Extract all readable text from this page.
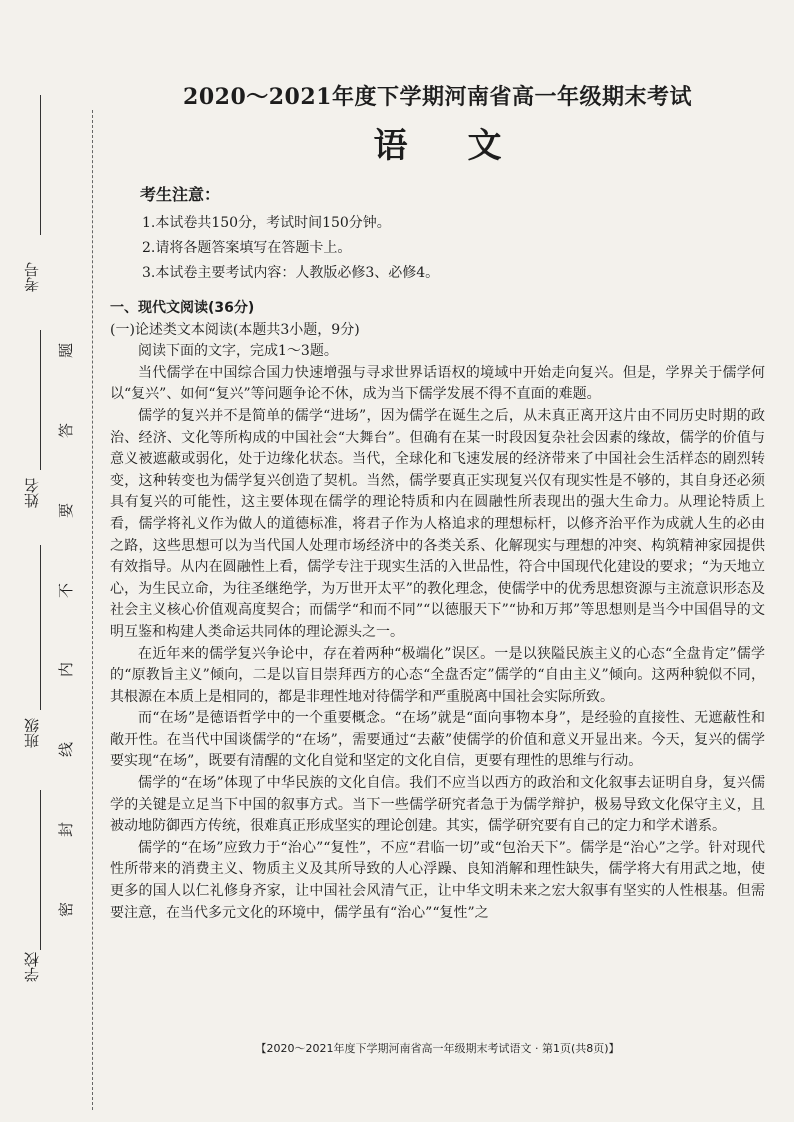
考号
姓名
班级
学校
密
封
线
内
不
要
答
题
2020～2021年度下学期河南省高一年级期末考试
语文
考生注意：
1.本试卷共150分，考试时间150分钟。
2.请将各题答案填写在答题卡上。
3.本试卷主要考试内容：人教版必修3、必修4。
一、现代文阅读(36分)
(一)论述类文本阅读(本题共3小题，9分)
阅读下面的文字，完成1～3题。

当代儒学在中国综合国力快速增强与寻求世界话语权的境域中开始走向复兴。但是，学界关于儒学何以“复兴”、如何“复兴”等问题争论不休，成为当下儒学发展不得不直面的难题。

儒学的复兴并不是简单的儒学“进场”，因为儒学在诞生之后，从未真正离开这片由不同历史时期的政治、经济、文化等所构成的中国社会“大舞台”。但确有在某一时段因复杂社会因素的缘故，儒学的价值与意义被遮蔽或弱化，处于边缘化状态。当代，全球化和飞速发展的经济带来了中国社会生活样态的剧烈转变，这种转变也为儒学复兴创造了契机。当然，儒学要真正实现复兴仅有现实性是不够的，其自身还必须具有复兴的可能性，这主要体现在儒学的理论特质和内在圆融性所表现出的强大生命力。从理论特质上看，儒学将礼义作为做人的道德标准，将君子作为人格追求的理想标杆，以修齐治平作为成就人生的必由之路，这些思想可以为当代国人处理市场经济中的各类关系、化解现实与理想的冲突、构筑精神家园提供有效指导。从内在圆融性上看，儒学专注于现实生活的入世品性，符合中国现代化建设的要求；“为天地立心，为生民立命，为往圣继绝学，为万世开太平”的教化理念，使儒学中的优秀思想资源与主流意识形态及社会主义核心价值观高度契合；而儒学“和而不同”“以德服天下”“协和万邦”等思想则是当今中国倡导的文明互鉴和构建人类命运共同体的理论源头之一。

在近年来的儒学复兴争论中，存在着两种“极端化”误区。一是以狭隘民族主义的心态“全盘肯定”儒学的“原教旨主义”倾向，二是以盲目崇拜西方的心态“全盘否定”儒学的“自由主义”倾向。这两种貌似不同，其根源在本质上是相同的，都是非理性地对待儒学和严重脱离中国社会实际所致。

而“在场”是德语哲学中的一个重要概念。“在场”就是“面向事物本身”，是经验的直接性、无遮蔽性和敞开性。在当代中国谈儒学的“在场”，需要通过“去蔽”使儒学的价值和意义开显出来。今天，复兴的儒学要实现“在场”，既要有清醒的文化自觉和坚定的文化自信，更要有理性的思维与行动。

儒学的“在场”体现了中华民族的文化自信。我们不应当以西方的政治和文化叙事去证明自身，复兴儒学的关键是立足当下中国的叙事方式。当下一些儒学研究者急于为儒学辩护，极易导致文化保守主义，且被动地防御西方传统，很难真正形成坚实的理论创建。其实，儒学研究要有自己的定力和学术谱系。

儒学的“在场”应致力于“治心”“复性”，不应“君临一切”或“包治天下”。儒学是“治心”之学。针对现代性所带来的消费主义、物质主义及其所导致的人心浮躁、良知消解和理性缺失，儒学将大有用武之地，使更多的国人以仁礼修身齐家，让中国社会风清气正，让中华文明未来之宏大叙事有坚实的人性根基。但需要注意，在当代多元文化的环境中，儒学虽有“治心”“复性”之

【2020～2021年度下学期河南省高一年级期末考试语文 · 第1页(共8页)】
